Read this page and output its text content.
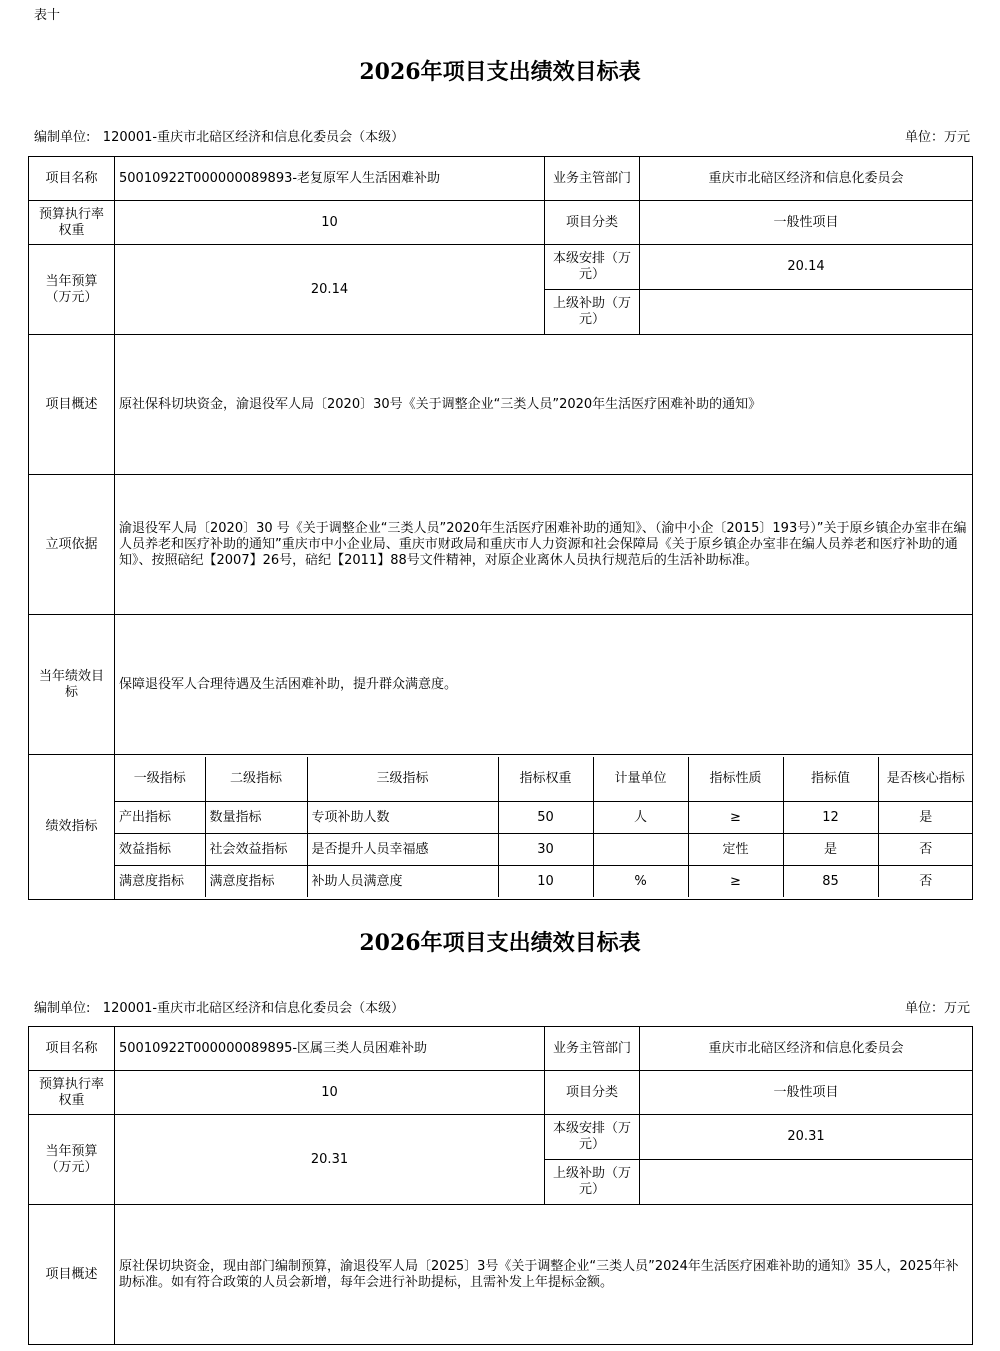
表十
2026年项目支出绩效目标表
编制单位: 120001-重庆市北碚区经济和信息化委员会（本级）	单位：万元
项目名称	50010922T000000089893-老复原军人生活困难补助	业务主管部门	重庆市北碚区经济和信息化委员会
预算执行率权重	10	项目分类	一般性项目
当年预算（万元）	20.14	本级安排（万元）	20.14
上级补助（万元）	
项目概述	原社保科切块资金，渝退役军人局〔2020〕30号《关于调整企业“三类人员”2020年生活医疗困难补助的通知》
立项依据	渝退役军人局〔2020〕30 号《关于调整企业“三类人员”2020年生活医疗困难补助的通知》、（渝中小企〔2015〕193号）”关于原乡镇企办室非在编人员养老和医疗补助的通知”重庆市中小企业局、重庆市财政局和重庆市人力资源和社会保障局《关于原乡镇企办室非在编人员养老和医疗补助的通知》、按照碚纪【2007】26号，碚纪【2011】88号文件精神，对原企业离休人员执行规范后的生活补助标准。
当年绩效目标	保障退役军人合理待遇及生活困难补助，提升群众满意度。
绩效指标	
一级指标	二级指标	三级指标	指标权重	计量单位	指标性质	指标值	是否核心指标
产出指标	数量指标	专项补助人数	50	人	≥	12	是
效益指标	社会效益指标	是否提升人员幸福感	30		定性	是	否
满意度指标	满意度指标	补助人员满意度	10	%	≥	85	否
2026年项目支出绩效目标表
编制单位: 120001-重庆市北碚区经济和信息化委员会（本级）	单位：万元
项目名称	50010922T000000089895-区属三类人员困难补助	业务主管部门	重庆市北碚区经济和信息化委员会
预算执行率权重	10	项目分类	一般性项目
当年预算（万元）	20.31	本级安排（万元）	20.31
		上级补助（万元）	
项目概述	原社保切块资金，现由部门编制预算，渝退役军人局〔2025〕3号《关于调整企业“三类人员”2024年生活医疗困难补助的通知》35人，2025年补助标准。如有符合政策的人员会新增，每年会进行补助提标，且需补发上年提标金额。		
